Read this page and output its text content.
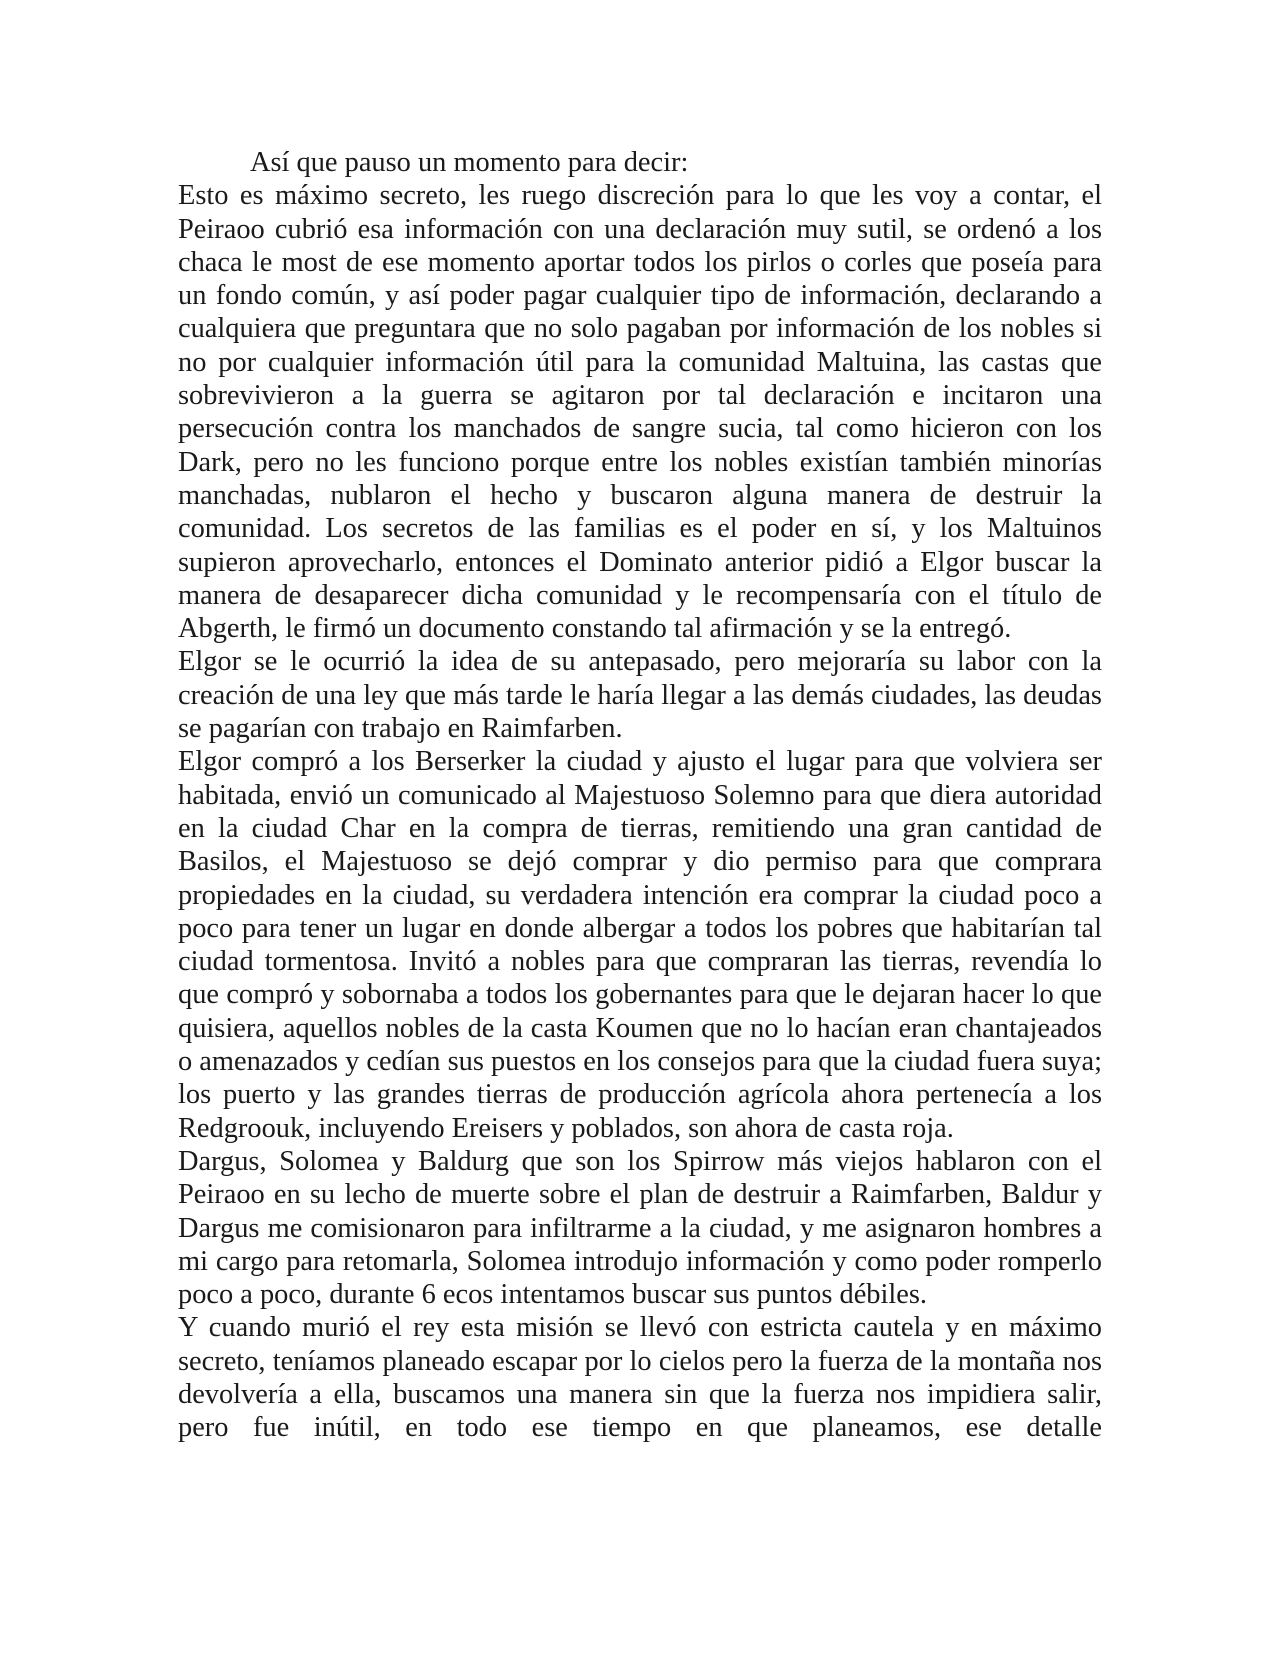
Así que pauso un momento para decir:

Esto es máximo secreto, les ruego discreción para lo que les voy a contar, el Peiraoo cubrió esa información con una declaración muy sutil, se ordenó a los chaca le most de ese momento aportar todos los pirlos o corles que poseía para un fondo común, y así poder pagar cualquier tipo de información, declarando a cualquiera que preguntara que no solo pagaban por información de los nobles si no por cualquier información útil para la comunidad Maltuina, las castas que sobrevivieron a la guerra se agitaron por tal declaración e incitaron una persecución contra los manchados de sangre sucia, tal como hicieron con los Dark, pero no les funciono porque entre los nobles existían también minorías manchadas, nublaron el hecho y buscaron alguna manera de destruir la comunidad. Los secretos de las familias es el poder en sí, y los Maltuinos supieron aprovecharlo, entonces el Dominato anterior pidió a Elgor buscar la manera de desaparecer dicha comunidad y le recompensaría con el título de Abgerth, le firmó un documento constando tal afirmación y se la entregó.

Elgor se le ocurrió la idea de su antepasado, pero mejoraría su labor con la creación de una ley que más tarde le haría llegar a las demás ciudades, las deudas se pagarían con trabajo en Raimfarben.

Elgor compró a los Berserker la ciudad y ajusto el lugar para que volviera ser habitada, envió un comunicado al Majestuoso Solemno para que diera autoridad en la ciudad Char en la compra de tierras, remitiendo una gran cantidad de Basilos, el Majestuoso se dejó comprar y dio permiso para que comprara propiedades en la ciudad, su verdadera intención era comprar la ciudad poco a poco para tener un lugar en donde albergar a todos los pobres que habitarían tal ciudad tormentosa. Invitó a nobles para que compraran las tierras, revendía lo que compró y sobornaba a todos los gobernantes para que le dejaran hacer lo que quisiera, aquellos nobles de la casta Koumen que no lo hacían eran chantajeados o amenazados y cedían sus puestos en los consejos para que la ciudad fuera suya; los puerto y las grandes tierras de producción agrícola ahora pertenecía a los Redgroouk, incluyendo Ereisers y poblados, son ahora de casta roja.

Dargus, Solomea y Baldurg que son los Spirrow más viejos hablaron con el Peiraoo en su lecho de muerte sobre el plan de destruir a Raimfarben, Baldur y Dargus me comisionaron para infiltrarme a la ciudad, y me asignaron hombres a mi cargo para retomarla, Solomea introdujo información y como poder romperlo poco a poco, durante 6 ecos intentamos buscar sus puntos débiles.

Y cuando murió el rey esta misión se llevó con estricta cautela y en máximo secreto, teníamos planeado escapar por lo cielos pero la fuerza de la montaña nos devolvería a ella, buscamos una manera sin que la fuerza nos impidiera salir, pero fue inútil, en todo ese tiempo en que planeamos, ese detalle
